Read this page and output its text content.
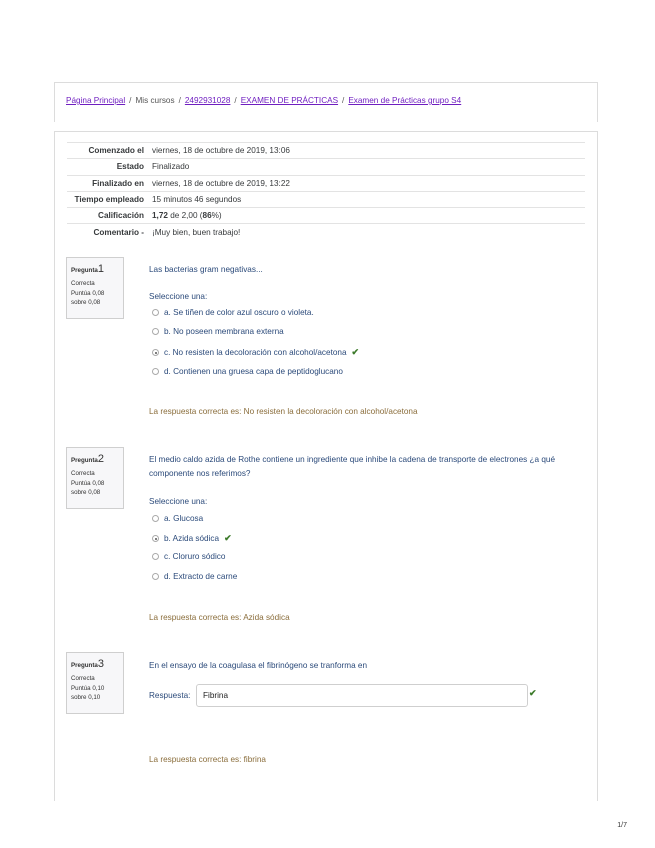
Página Principal / Mis cursos / 2492931028 / EXAMEN DE PRÁCTICAS / Examen de Prácticas grupo S4
Comenzado el	viernes, 18 de octubre de 2019, 13:06
Estado	Finalizado
Finalizado en	viernes, 18 de octubre de 2019, 13:22
Tiempo empleado	15 minutos 46 segundos
Calificación	1,72 de 2,00 (86%)
Comentario -	¡Muy bien, buen trabajo!
Pregunta1
Correcta
Puntúa 0,08
sobre 0,08
Las bacterias gram negativas...
Seleccione una:
a. Se tiñen de color azul oscuro o violeta.
b. No poseen membrana externa
c. No resisten la decoloración con alcohol/acetona ✔
d. Contienen una gruesa capa de peptidoglucano
La respuesta correcta es: No resisten la decoloración con alcohol/acetona
Pregunta2
Correcta
Puntúa 0,08
sobre 0,08
El medio caldo azida de Rothe contiene un ingrediente que inhibe la cadena de transporte de electrones ¿a qué componente nos referimos?
Seleccione una:
a. Glucosa
b. Azida sódica ✔
c. Cloruro sódico
d. Extracto de carne
La respuesta correcta es: Azida sódica
Pregunta3
Correcta
Puntúa 0,10
sobre 0,10
En el ensayo de la coagulasa el fibrinógeno se tranforma en
Respuesta:	Fibrina	✔
La respuesta correcta es: fibrina
1/7
